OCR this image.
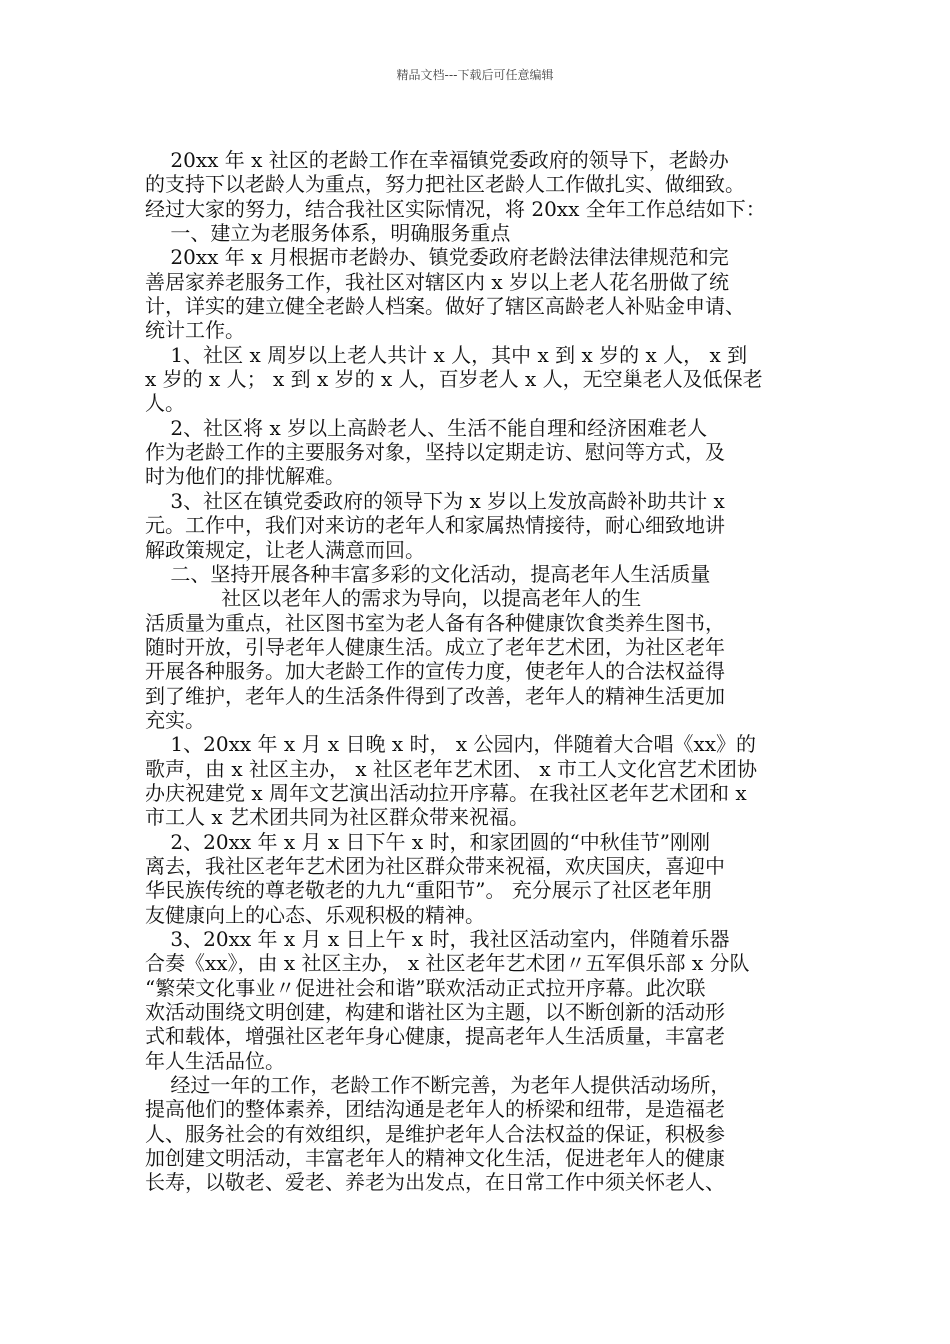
精品文档---下载后可任意编辑
20xx 年 x 社区的老龄工作在幸福镇党委政府的领导下，老龄办
的支持下以老龄人为重点，努力把社区老龄人工作做扎实、做细致。
经过大家的努力，结合我社区实际情况，将 20xx 全年工作总结如下：
一、建立为老服务体系，明确服务重点
20xx 年 x 月根据市老龄办、镇党委政府老龄法律法律规范和完
善居家养老服务工作，我社区对辖区内 x 岁以上老人花名册做了统
计，详实的建立健全老龄人档案。做好了辖区高龄老人补贴金申请、
统计工作。
1、社区 x 周岁以上老人共计 x 人，其中 x 到 x 岁的 x 人， x 到
x 岁的 x 人； x 到 x 岁的 x 人，百岁老人 x 人，无空巢老人及低保老
人。
2、社区将 x 岁以上高龄老人、生活不能自理和经济困难老人
作为老龄工作的主要服务对象，坚持以定期走访、慰问等方式，及
时为他们的排忧解难。
3、社区在镇党委政府的领导下为 x 岁以上发放高龄补助共计 x
元。工作中，我们对来访的老年人和家属热情接待，耐心细致地讲
解政策规定，让老人满意而回。
二、坚持开展各种丰富多彩的文化活动，提高老年人生活质量
社区以老年人的需求为导向，以提高老年人的生
活质量为重点，社区图书室为老人备有各种健康饮食类养生图书，
随时开放，引导老年人健康生活。成立了老年艺术团，为社区老年
开展各种服务。加大老龄工作的宣传力度，使老年人的合法权益得
到了维护，老年人的生活条件得到了改善，老年人的精神生活更加
充实。
1、20xx 年 x 月 x 日晚 x 时， x 公园内，伴随着大合唱《xx》的
歌声，由 x 社区主办， x 社区老年艺术团、 x 市工人文化宫艺术团协
办庆祝建党 x 周年文艺演出活动拉开序幕。在我社区老年艺术团和 x
市工人 x 艺术团共同为社区群众带来祝福。
2、20xx 年 x 月 x 日下午 x 时，和家团圆的“中秋佳节”刚刚
离去，我社区老年艺术团为社区群众带来祝福，欢庆国庆，喜迎中
华民族传统的尊老敬老的九九“重阳节”。 充分展示了社区老年朋
友健康向上的心态、乐观积极的精神。
3、20xx 年 x 月 x 日上午 x 时，我社区活动室内，伴随着乐器
合奏《xx》，由 x 社区主办， x 社区老年艺术团〃五军俱乐部 x 分队
“繁荣文化事业〃促进社会和谐”联欢活动正式拉开序幕。此次联
欢活动围绕文明创建，构建和谐社区为主题，以不断创新的活动形
式和载体，增强社区老年身心健康，提高老年人生活质量，丰富老
年人生活品位。
经过一年的工作，老龄工作不断完善，为老年人提供活动场所，
提高他们的整体素养，团结沟通是老年人的桥梁和纽带，是造福老
人、服务社会的有效组织，是维护老年人合法权益的保证，积极参
加创建文明活动，丰富老年人的精神文化生活，促进老年人的健康
长寿，以敬老、爱老、养老为出发点，在日常工作中须关怀老人、
